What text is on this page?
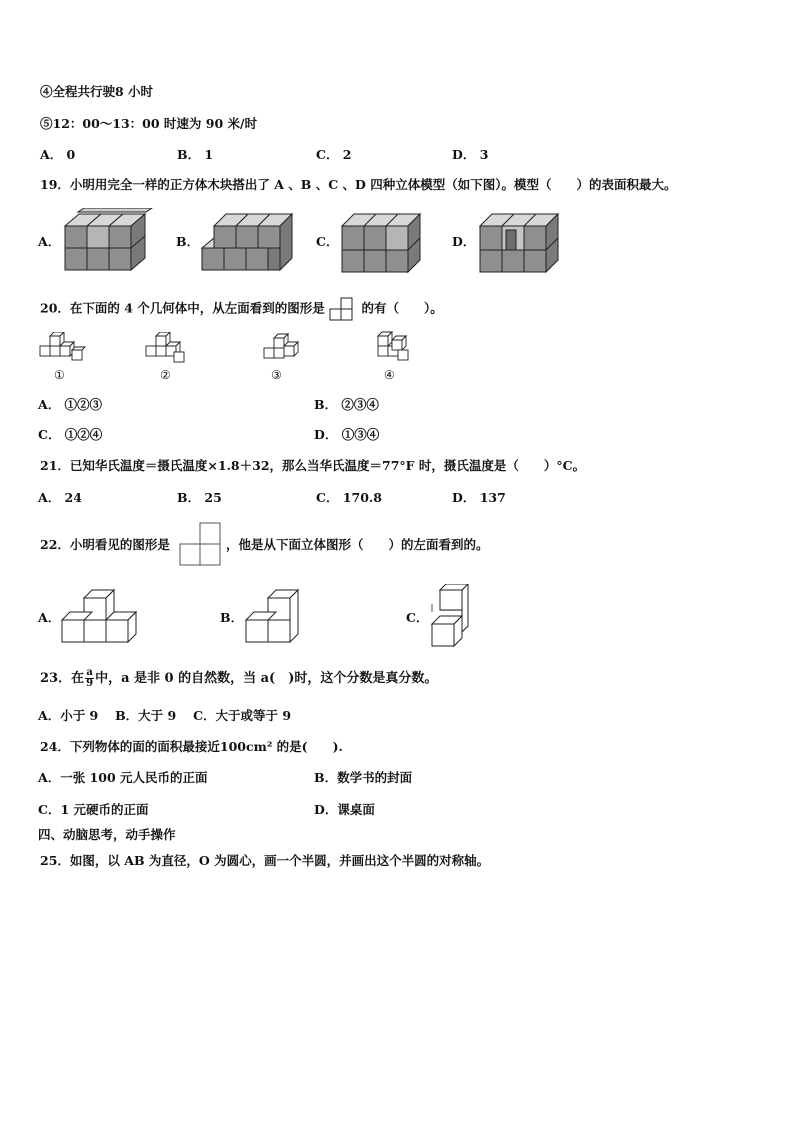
④全程共行驶8 小时
⑤12：00～13：00 时速为 90 米/时
A． 0	B． 1	C． 2	D． 3
19．小明用完全一样的正方体木块搭出了 A 、B 、C 、D 四种立体模型（如下图）。模型（　　）的表面积最大。
A．	B．	C．	D．
20．在下面的 4 个几何体中，从左面看到的图形是	的有（　　）。
①	②	③	④
A． ①②③	B． ②③④
C． ①②④	D． ①③④
21．已知华氏温度＝摄氏温度×1.8＋32，那么当华氏温度＝77°F 时，摄氏温度是（　　）°C。
A． 24	B． 25	C． 170.8	D． 137
22．小明看见的图形是	，他是从下面立体图形（　　）的左面看到的。
A．	B．	C．
23．在 $\frac{a}{9}$ 中，a 是非 0 的自然数，当 a(　)时，这个分数是真分数。
A．小于 9　 B．大于 9　 C．大于或等于 9
24．下列物体的面的面积最接近100cm² 的是(　　).
A．一张 100 元人民币的正面	B．数学书的封面
C．1 元硬币的正面	D．课桌面
四、动脑思考，动手操作
25．如图，以 AB 为直径，O 为圆心，画一个半圆，并画出这个半圆的对称轴。
